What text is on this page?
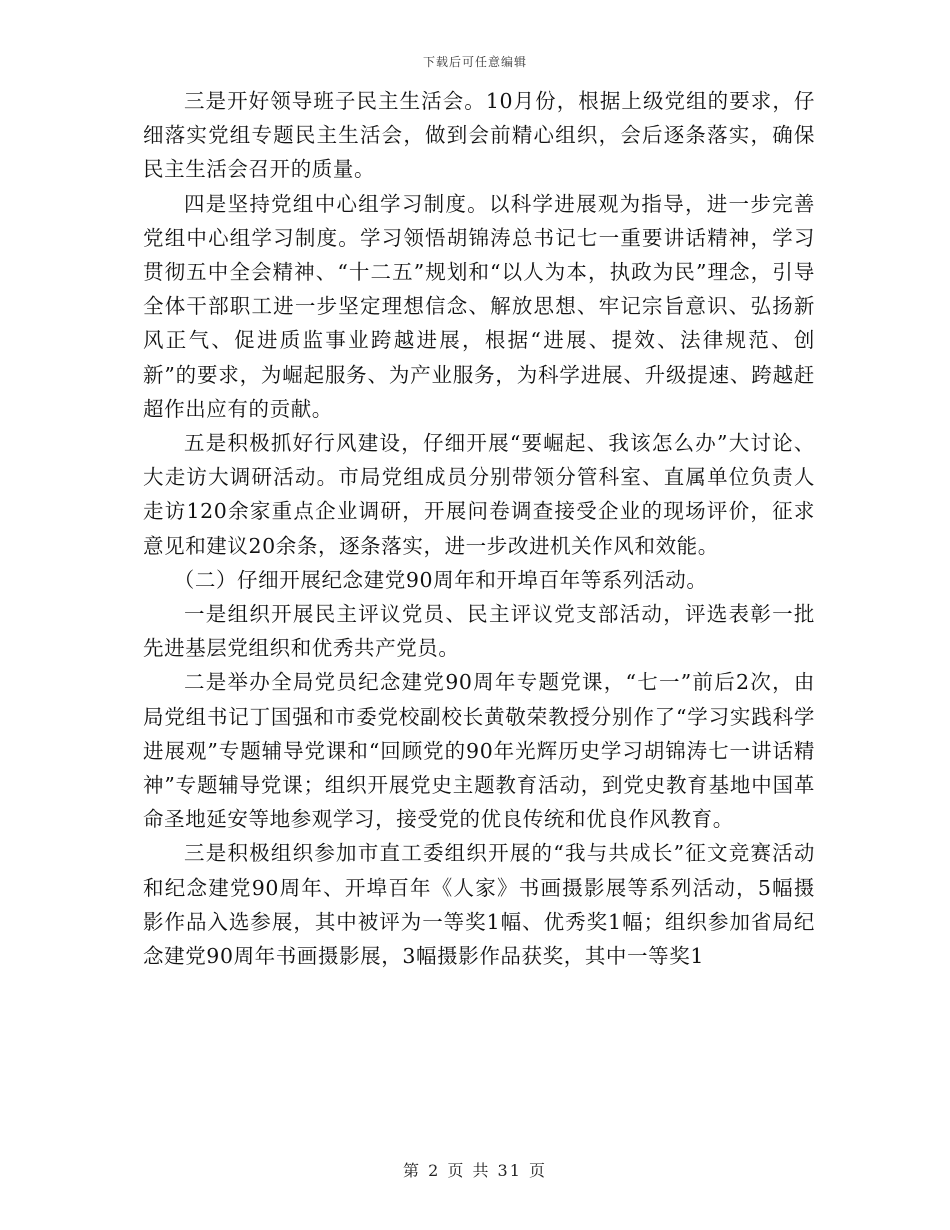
下载后可任意编辑

三是开好领导班子民主生活会。10月份，根据上级党组的要求，仔细落实党组专题民主生活会，做到会前精心组织，会后逐条落实，确保民主生活会召开的质量。

四是坚持党组中心组学习制度。以科学进展观为指导，进一步完善党组中心组学习制度。学习领悟胡锦涛总书记七一重要讲话精神，学习贯彻五中全会精神、“十二五”规划和“以人为本，执政为民”理念，引导全体干部职工进一步坚定理想信念、解放思想、牢记宗旨意识、弘扬新风正气、促进质监事业跨越进展，根据“进展、提效、法律规范、创新”的要求，为崛起服务、为产业服务，为科学进展、升级提速、跨越赶超作出应有的贡献。

五是积极抓好行风建设，仔细开展“要崛起、我该怎么办”大讨论、大走访大调研活动。市局党组成员分别带领分管科室、直属单位负责人走访120余家重点企业调研，开展问卷调查接受企业的现场评价，征求意见和建议20余条，逐条落实，进一步改进机关作风和效能。

（二）仔细开展纪念建党90周年和开埠百年等系列活动。

一是组织开展民主评议党员、民主评议党支部活动，评选表彰一批先进基层党组织和优秀共产党员。

二是举办全局党员纪念建党90周年专题党课，“七一”前后2次，由局党组书记丁国强和市委党校副校长黄敬荣教授分别作了“学习实践科学进展观”专题辅导党课和“回顾党的90年光辉历史学习胡锦涛七一讲话精神”专题辅导党课；组织开展党史主题教育活动，到党史教育基地中国革命圣地延安等地参观学习，接受党的优良传统和优良作风教育。

三是积极组织参加市直工委组织开展的“我与共成长”征文竞赛活动和纪念建党90周年、开埠百年《人家》书画摄影展等系列活动，5幅摄影作品入选参展，其中被评为一等奖1幅、优秀奖1幅；组织参加省局纪念建党90周年书画摄影展，3幅摄影作品获奖，其中一等奖1

第 2 页 共 31 页
